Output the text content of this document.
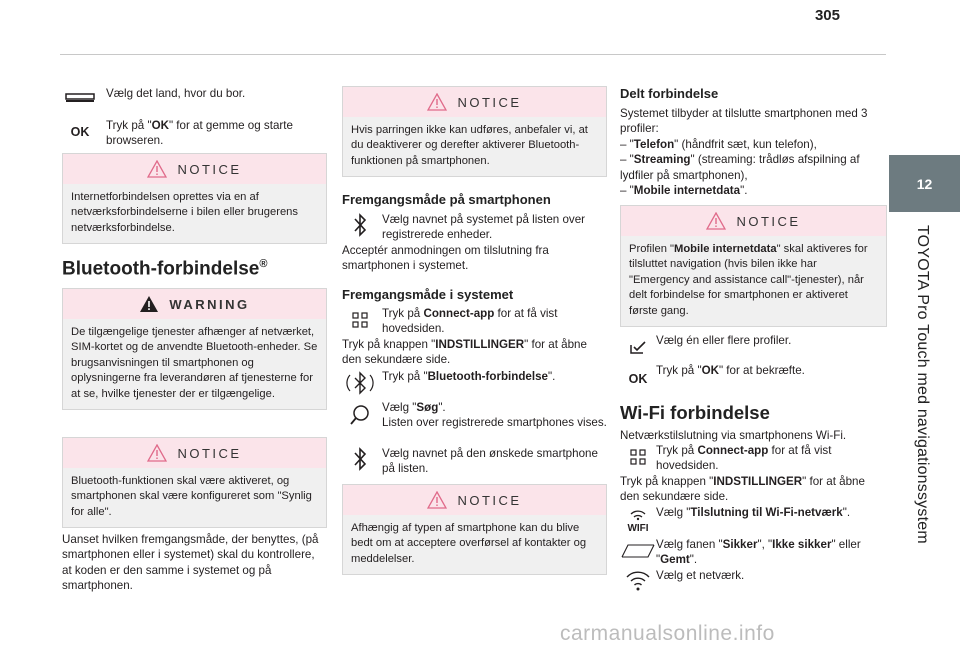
305
12
TOYOTA Pro Touch med navigationssystem
Vælg det land, hvor du bor.
OK	Tryk på "OK" for at gemme og starte browseren.
NOTICE
Internetforbindelsen oprettes via en af netværksforbindelserne i bilen eller brugerens netværksforbindelse.
Bluetooth-forbindelse®
WARNING
De tilgængelige tjenester afhænger af netværket, SIM-kortet og de anvendte Bluetooth-enheder. Se brugsanvisningen til smartphonen og oplysningerne fra leverandøren af tjenesterne for at se, hvilke tjenester der er tilgængelige.
NOTICE
Bluetooth-funktionen skal være aktiveret, og smartphonen skal være konfigureret som "Synlig for alle".
Uanset hvilken fremgangsmåde, der benyttes, (på smartphonen eller i systemet) skal du kontrollere, at koden er den samme i systemet og på smartphonen.
NOTICE
Hvis parringen ikke kan udføres, anbefaler vi, at du deaktiverer og derefter aktiverer Bluetooth-funktionen på smartphonen.
Fremgangsmåde på smartphonen
Vælg navnet på systemet på listen over registrerede enheder.
Acceptér anmodningen om tilslutning fra smartphonen i systemet.
Fremgangsmåde i systemet
Tryk på Connect-app for at få vist hovedsiden.
Tryk på knappen "INDSTILLINGER" for at åbne den sekundære side.
Tryk på "Bluetooth-forbindelse".
Vælg "Søg".
Listen over registrerede smartphones vises.
Vælg navnet på den ønskede smartphone på listen.
NOTICE
Afhængig af typen af smartphone kan du blive bedt om at acceptere overførsel af kontakter og meddelelser.
Delt forbindelse
Systemet tilbyder at tilslutte smartphonen med 3 profiler:
– "Telefon" (håndfrit sæt, kun telefon),
– "Streaming" (streaming: trådløs afspilning af lydfiler på smartphonen),
– "Mobile internetdata".
NOTICE
Profilen "Mobile internetdata" skal aktiveres for tilsluttet navigation (hvis bilen ikke har "Emergency and assistance call"-tjenester), når delt forbindelse for smartphonen er aktiveret første gang.
Vælg én eller flere profiler.
OK
Tryk på "OK" for at bekræfte.
Wi-Fi forbindelse
Netværkstilslutning via smartphonens Wi-Fi.
Tryk på Connect-app for at få vist hovedsiden.
Tryk på knappen "INDSTILLINGER" for at åbne den sekundære side.
WIFI
Vælg "Tilslutning til Wi-Fi-netværk".
Vælg fanen "Sikker", "Ikke sikker" eller "Gemt".
Vælg et netværk.
carmanualsonline.info
